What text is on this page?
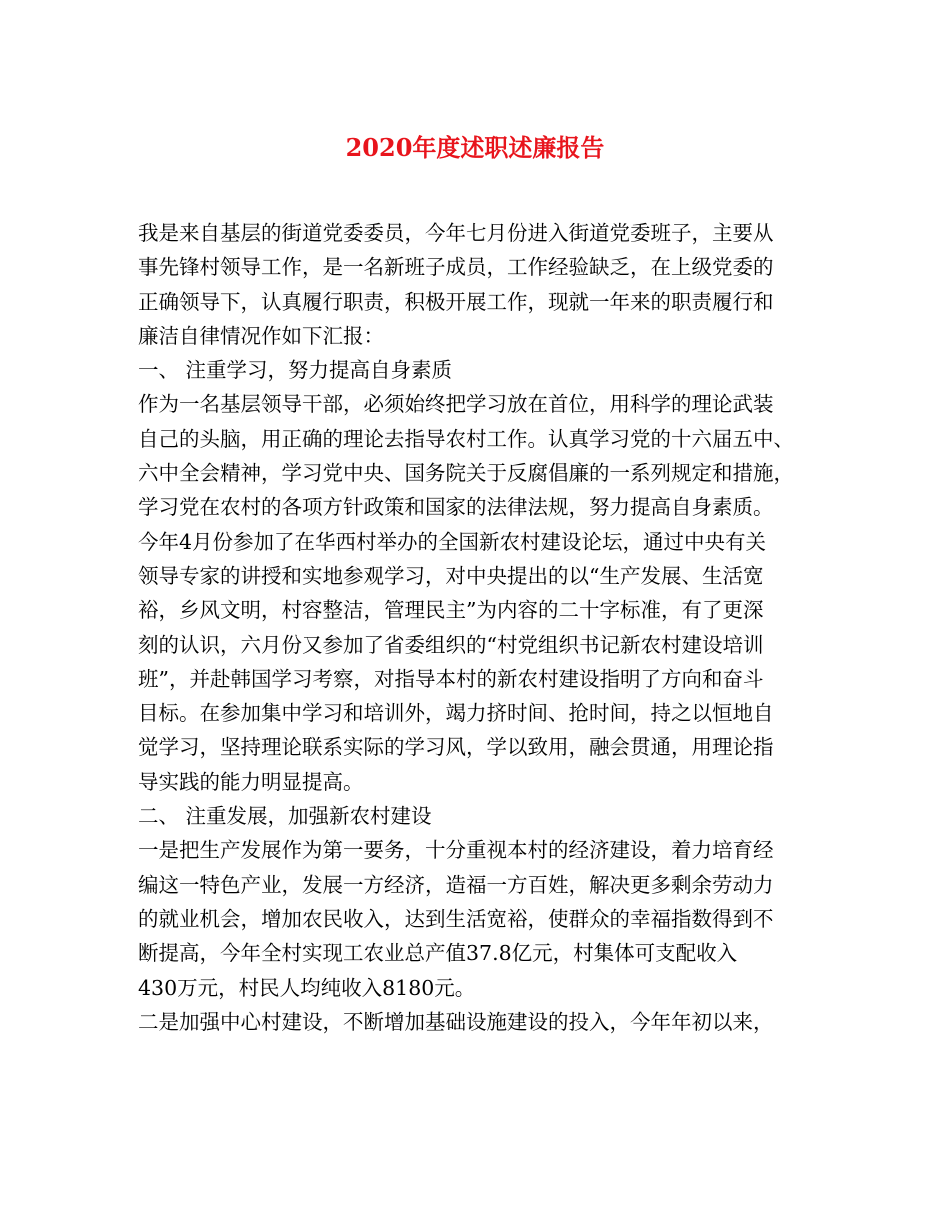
2020年度述职述廉报告
我是来自基层的街道党委委员，今年七月份进入街道党委班子，主要从
事先锋村领导工作，是一名新班子成员，工作经验缺乏，在上级党委的
正确领导下，认真履行职责，积极开展工作，现就一年来的职责履行和
廉洁自律情况作如下汇报：
一、 注重学习，努力提高自身素质
作为一名基层领导干部，必须始终把学习放在首位，用科学的理论武装
自己的头脑，用正确的理论去指导农村工作。认真学习党的十六届五中、
六中全会精神，学习党中央、国务院关于反腐倡廉的一系列规定和措施，
学习党在农村的各项方针政策和国家的法律法规，努力提高自身素质。
今年4月份参加了在华西村举办的全国新农村建设论坛，通过中央有关
领导专家的讲授和实地参观学习，对中央提出的以“生产发展、生活宽
裕，乡风文明，村容整洁，管理民主”为内容的二十字标准，有了更深
刻的认识，六月份又参加了省委组织的“村党组织书记新农村建设培训
班”，并赴韩国学习考察，对指导本村的新农村建设指明了方向和奋斗
目标。在参加集中学习和培训外，竭力挤时间、抢时间，持之以恒地自
觉学习，坚持理论联系实际的学习风，学以致用，融会贯通，用理论指
导实践的能力明显提高。
二、 注重发展，加强新农村建设
一是把生产发展作为第一要务，十分重视本村的经济建设，着力培育经
编这一特色产业，发展一方经济，造福一方百姓，解决更多剩余劳动力
的就业机会，增加农民收入，达到生活宽裕，使群众的幸福指数得到不
断提高，今年全村实现工农业总产值37.8亿元，村集体可支配收入
430万元，村民人均纯收入8180元。
二是加强中心村建设，不断增加基础设施建设的投入，今年年初以来，
